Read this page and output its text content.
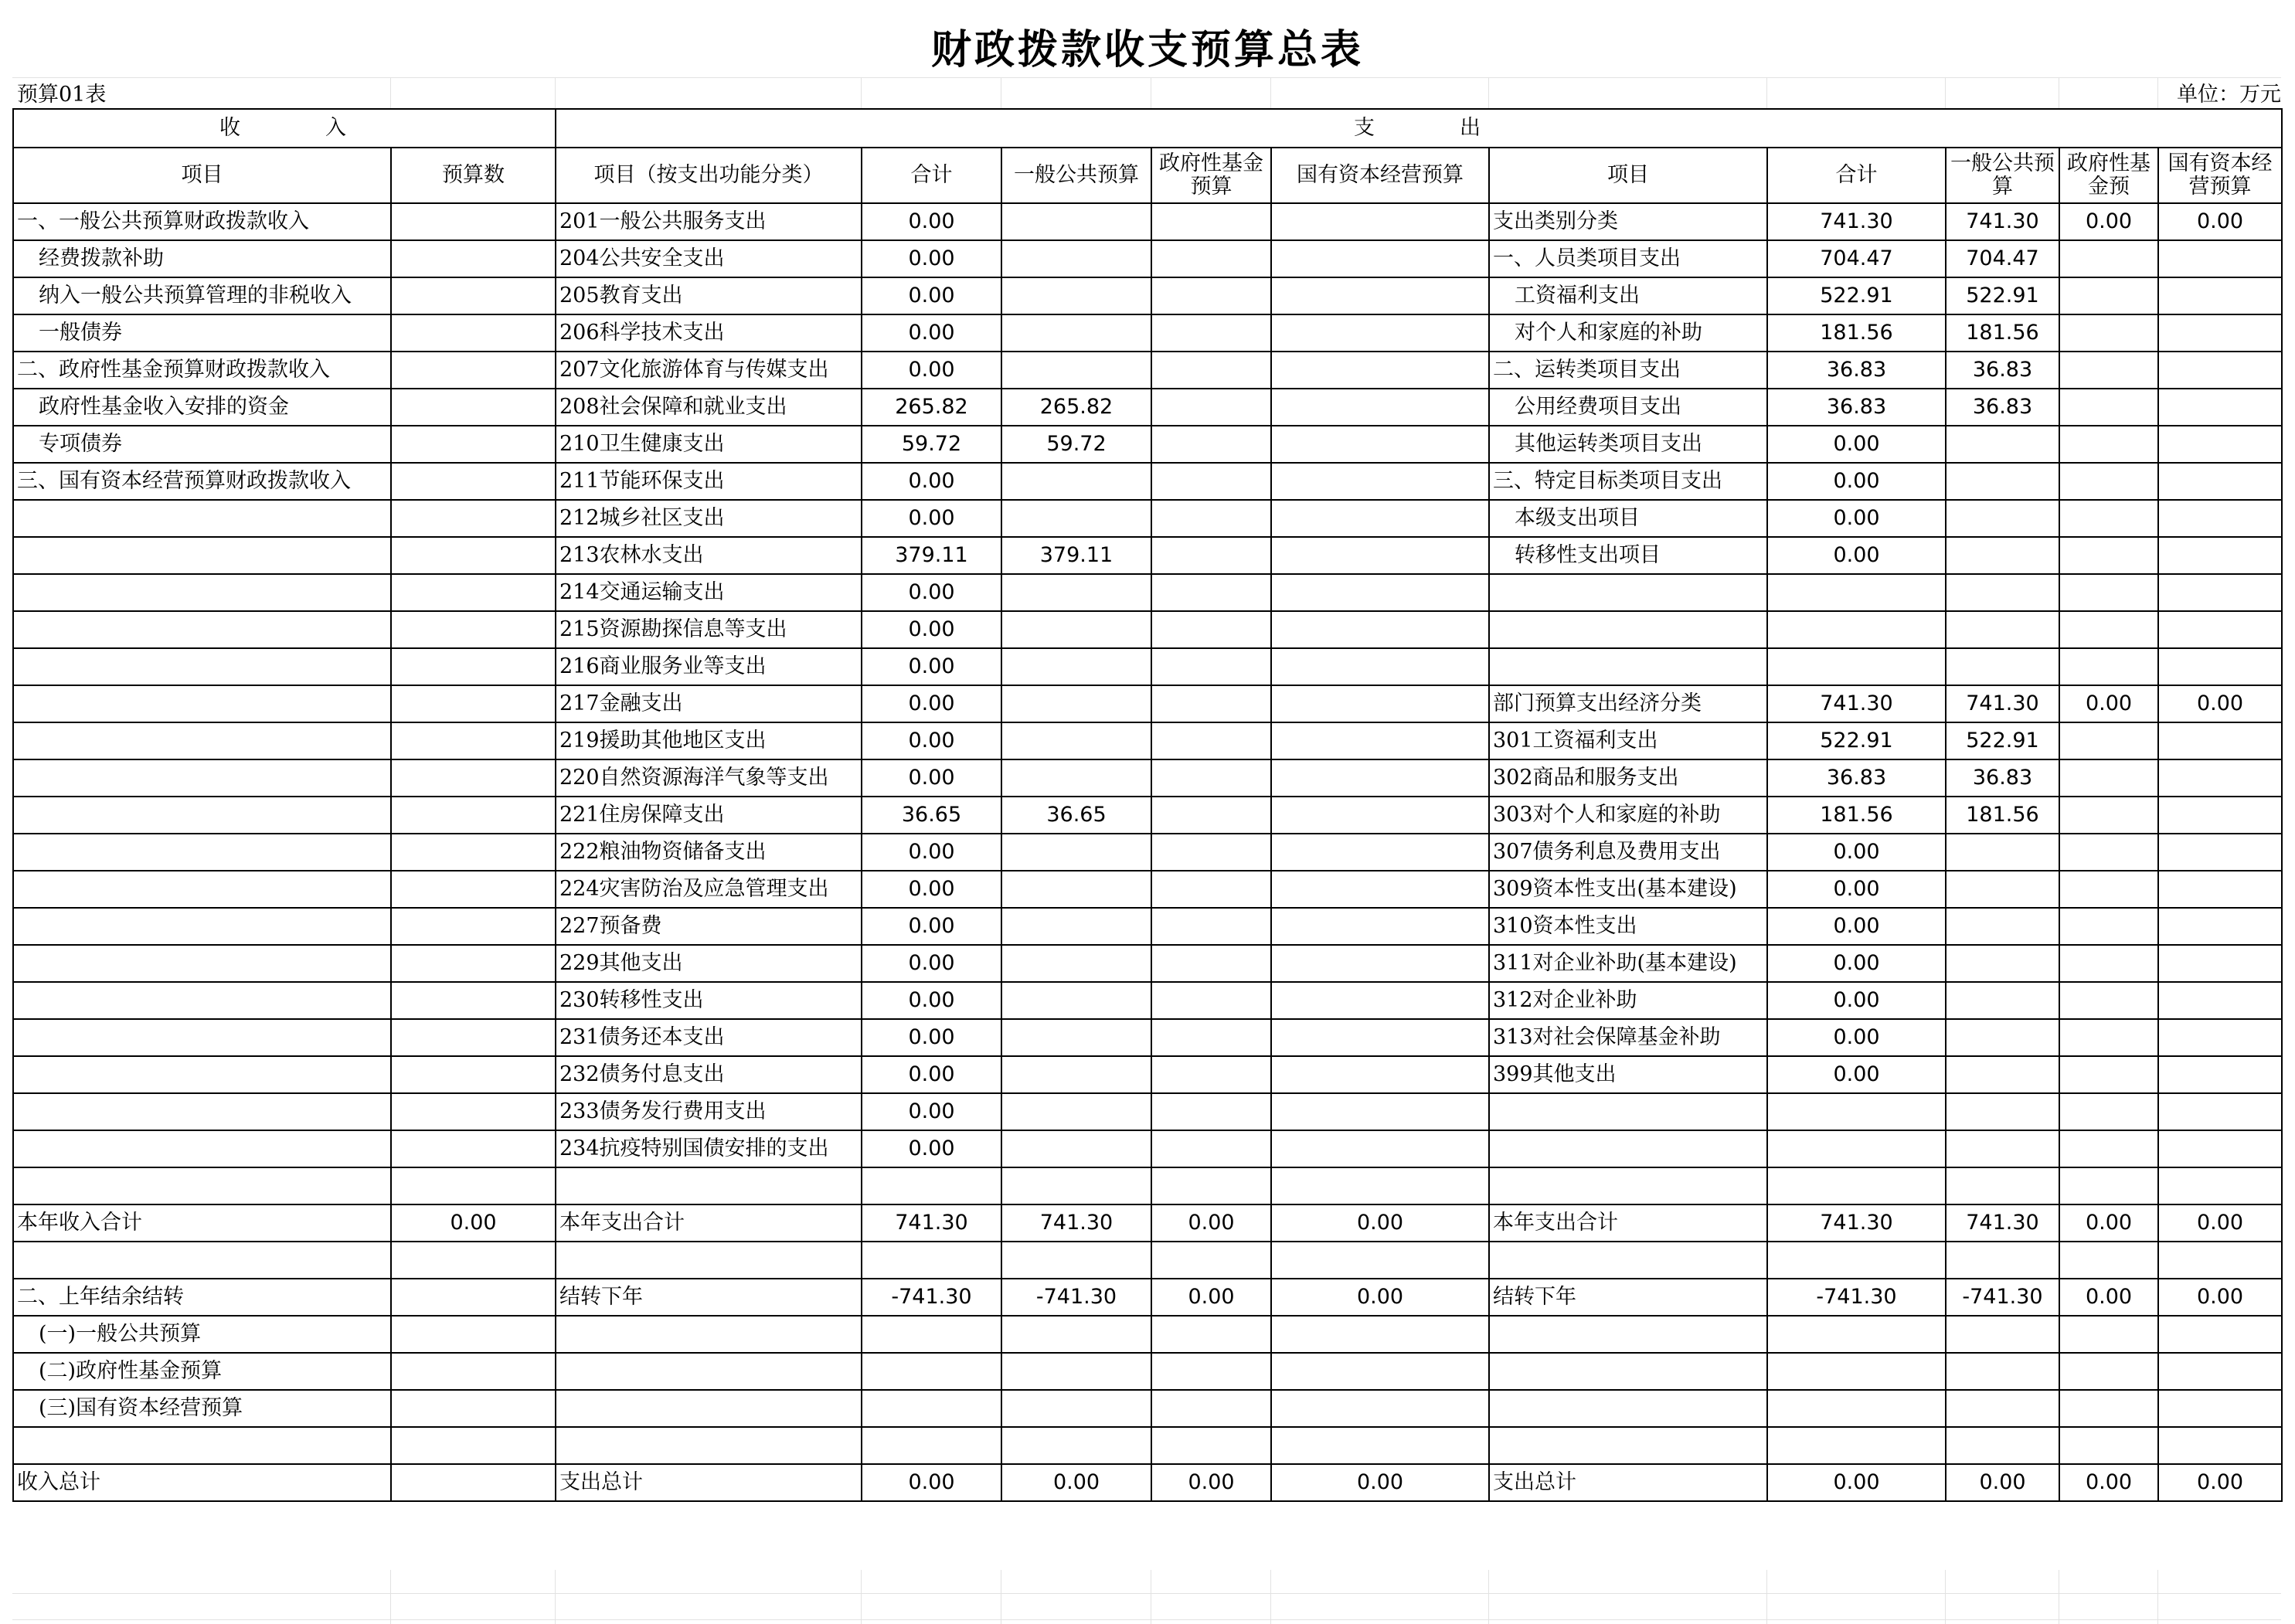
财政拨款收支预算总表
预算01表	单位：万元
收入		支出									
项目	预算数	项目（按支出功能分类）	合计	一般公共预算	政府性基金预算	国有资本经营预算	项目	合计	一般公共预算	政府性基金预	国有资本经营预算
一、一般公共预算财政拨款收入		201一般公共服务支出	0.00				支出类别分类	741.30	741.30	0.00	0.00
经费拨款补助		204公共安全支出	0.00				一、人员类项目支出	704.47	704.47		
纳入一般公共预算管理的非税收入		205教育支出	0.00				工资福利支出	522.91	522.91		
一般债券		206科学技术支出	0.00				对个人和家庭的补助	181.56	181.56		
二、政府性基金预算财政拨款收入		207文化旅游体育与传媒支出	0.00				二、运转类项目支出	36.83	36.83		
政府性基金收入安排的资金		208社会保障和就业支出	265.82	265.82			公用经费项目支出	36.83	36.83		
专项债券		210卫生健康支出	59.72	59.72			其他运转类项目支出	0.00			
三、国有资本经营预算财政拨款收入		211节能环保支出	0.00				三、特定目标类项目支出	0.00			
		212城乡社区支出	0.00				本级支出项目	0.00			
		213农林水支出	379.11	379.11			转移性支出项目	0.00			
		214交通运输支出	0.00								
		215资源勘探信息等支出	0.00								
		216商业服务业等支出	0.00								
		217金融支出	0.00				部门预算支出经济分类	741.30	741.30	0.00	0.00
		219援助其他地区支出	0.00				301工资福利支出	522.91	522.91		
		220自然资源海洋气象等支出	0.00				302商品和服务支出	36.83	36.83		
		221住房保障支出	36.65	36.65			303对个人和家庭的补助	181.56	181.56		
		222粮油物资储备支出	0.00				307债务利息及费用支出	0.00			
		224灾害防治及应急管理支出	0.00				309资本性支出(基本建设)	0.00			
		227预备费	0.00				310资本性支出	0.00			
		229其他支出	0.00				311对企业补助(基本建设)	0.00			
		230转移性支出	0.00				312对企业补助	0.00			
		231债务还本支出	0.00				313对社会保障基金补助	0.00			
		232债务付息支出	0.00				399其他支出	0.00			
		233债务发行费用支出	0.00								
		234抗疫特别国债安排的支出	0.00								

本年收入合计	0.00	本年支出合计	741.30	741.30	0.00	0.00	本年支出合计	741.30	741.30	0.00	0.00

二、上年结余结转		结转下年	-741.30	-741.30	0.00	0.00	结转下年	-741.30	-741.30	0.00	0.00
(一)一般公共预算											
(二)政府性基金预算											
(三)国有资本经营预算											

收入总计		支出总计	0.00	0.00	0.00	0.00	支出总计	0.00	0.00	0.00	0.00
